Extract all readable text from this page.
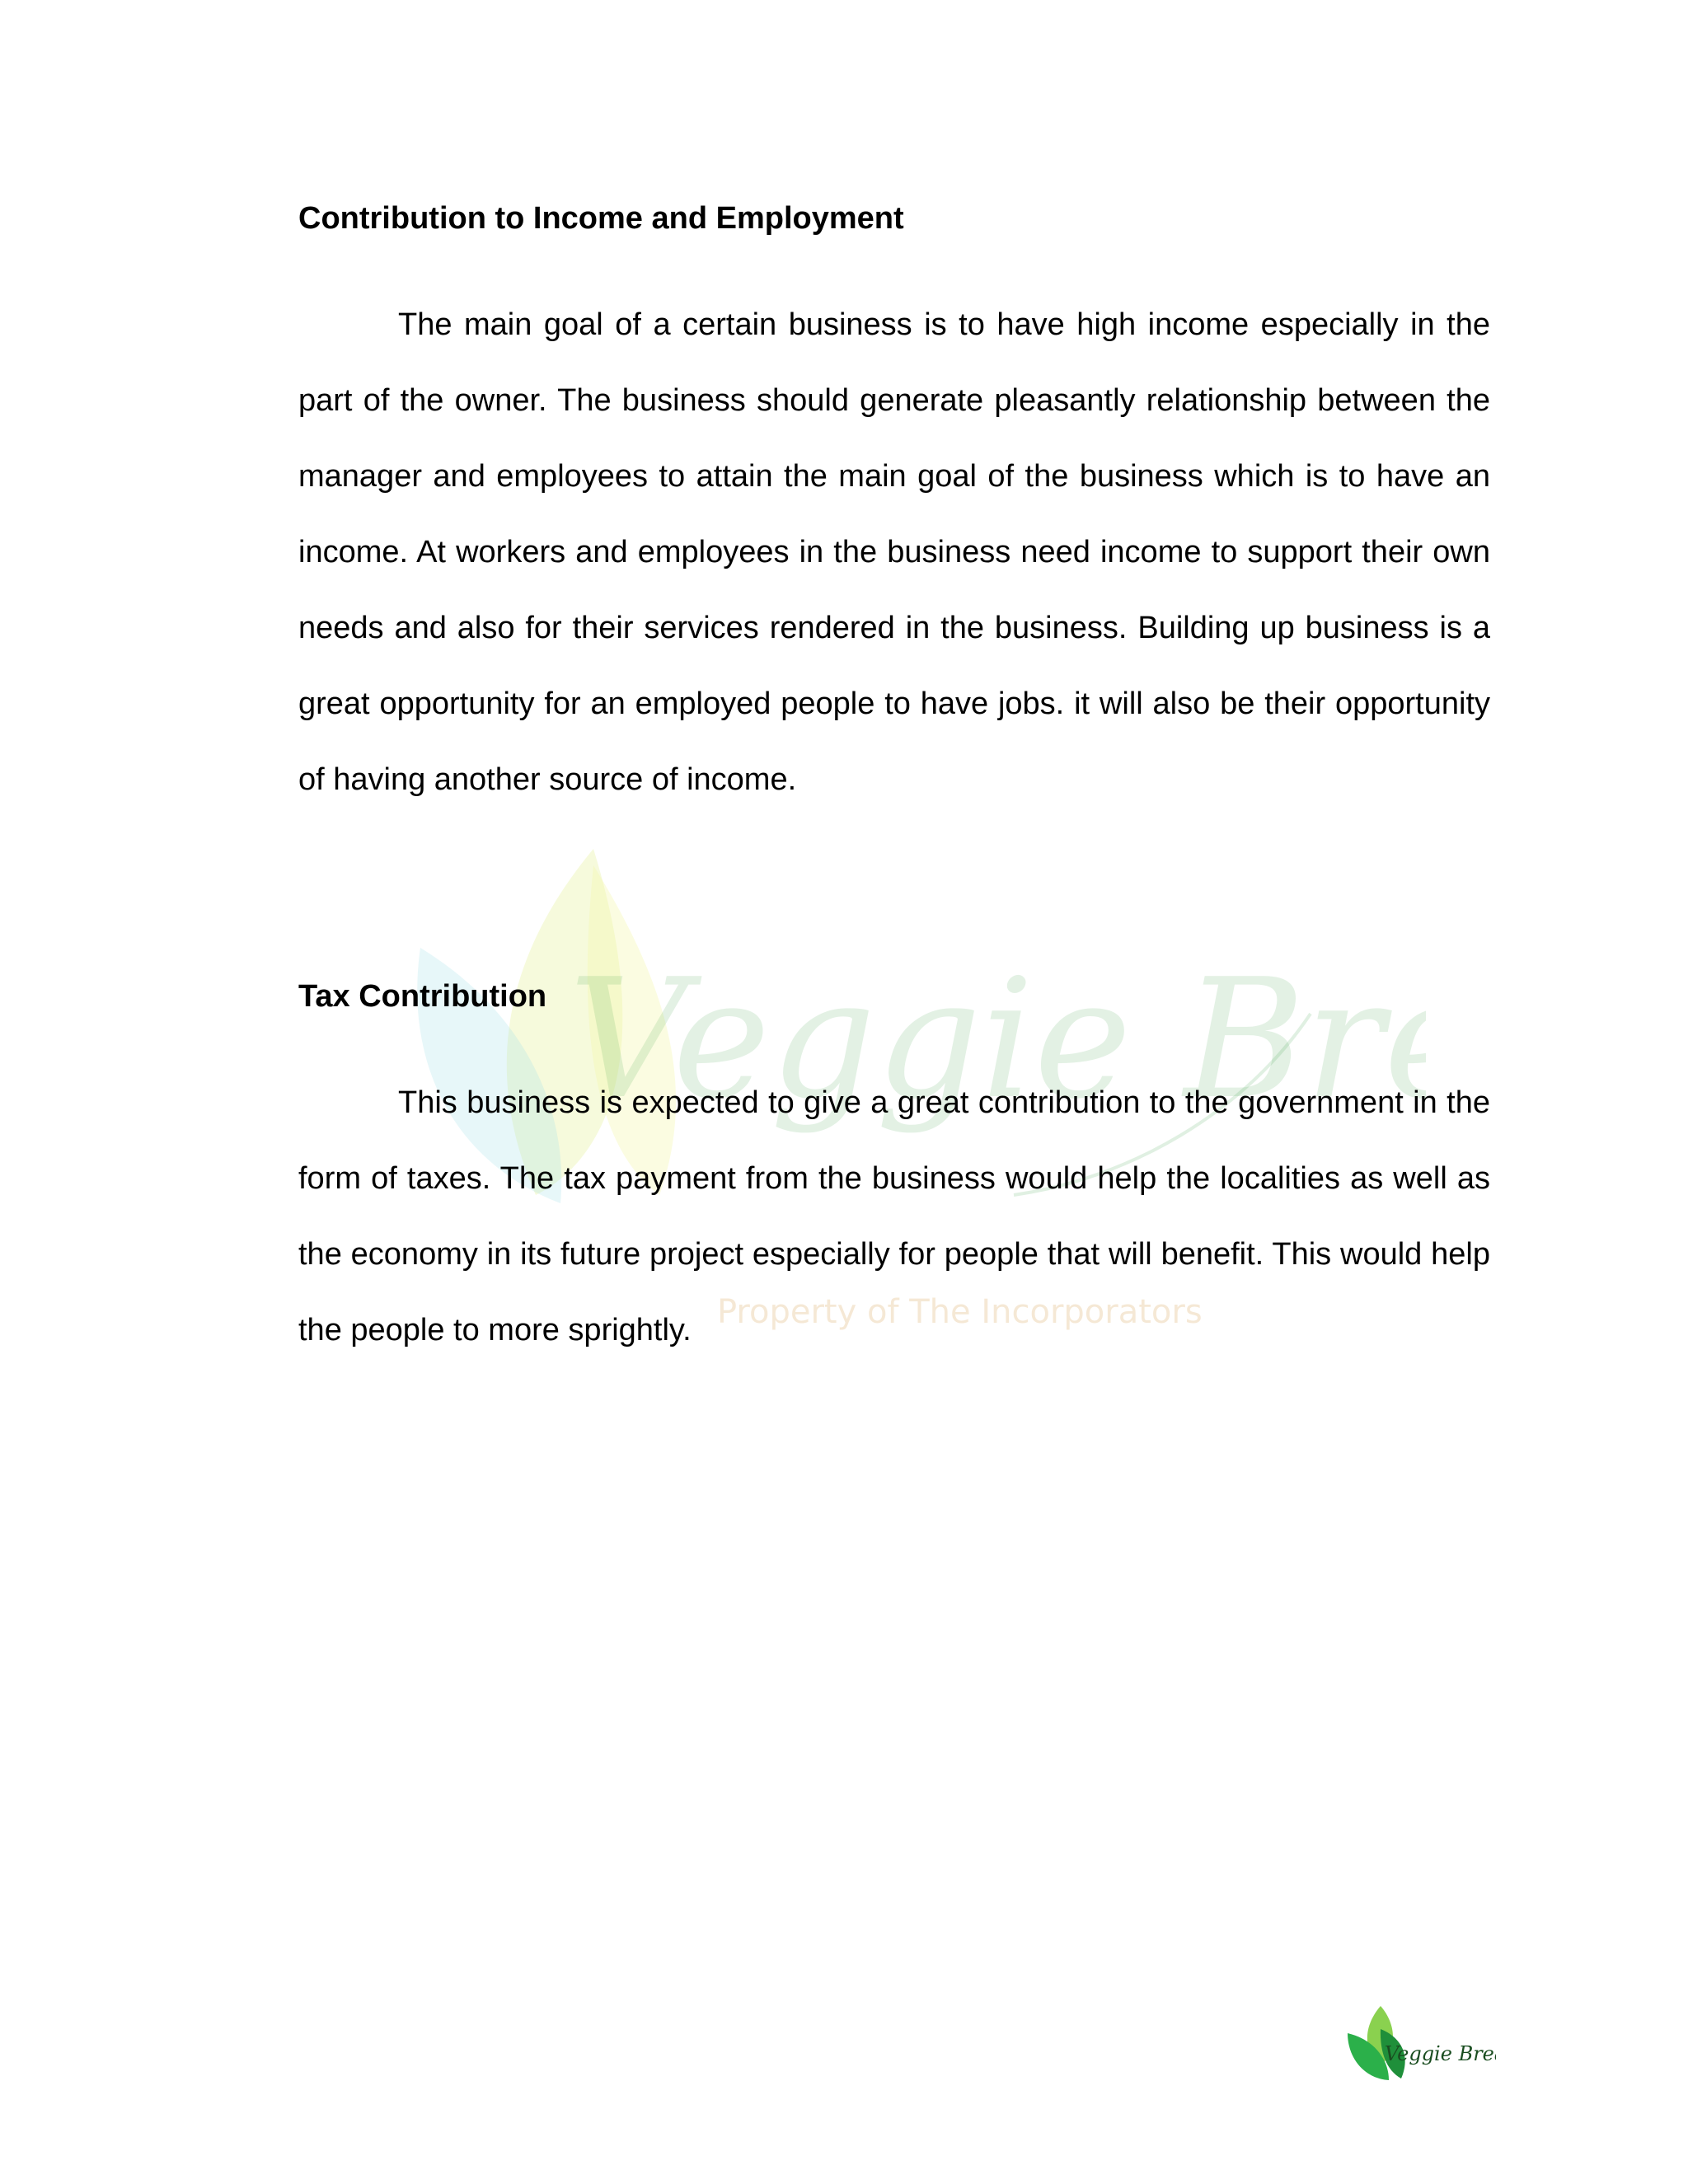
Veggie Br
Property of The Incorporators
Contribution to Income and Employment

The main goal of a certain business is to have high income especially in the part of the owner. The business should generate pleasantly relationship between the manager and employees to attain the main goal of the business which is to have an income. At workers and employees in the business need income to support their own needs and also for their services rendered in the business. Building up business is a great opportunity for an employed people to have jobs. it will also be their opportunity of having another source of income.

Tax Contribution

This business is expected to give a great contribution to the government in the form of taxes. The tax payment from the business would help the localities as well as the economy in its future project especially for people that will benefit. This would help the people to more sprightly.

Veggie Bre
